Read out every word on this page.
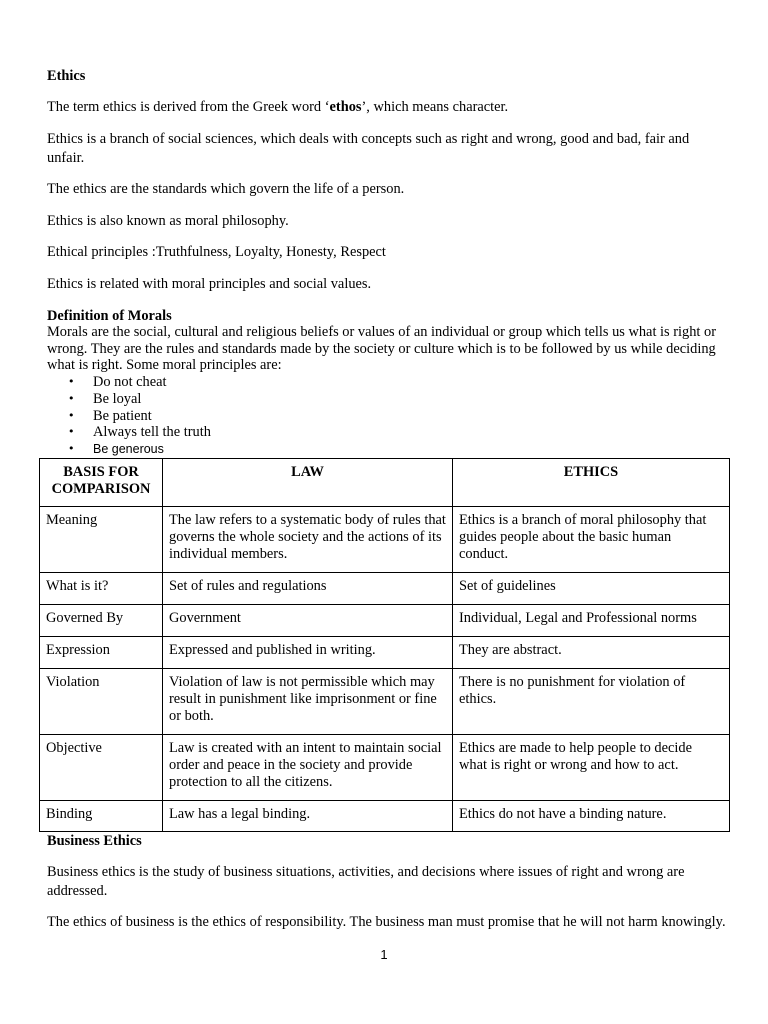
Ethics
The term ethics is derived from the Greek word ‘ethos’, which means character.
Ethics is a branch of social sciences, which deals with concepts such as right and wrong, good and bad, fair and unfair.
The ethics are the standards which govern the life of a person.
Ethics is also known as moral philosophy.
Ethical principles :Truthfulness, Loyalty, Honesty, Respect
Ethics is related with moral principles and social values.
Definition of Morals
Morals are the social, cultural and religious beliefs or values of an individual or group which tells us what is right or wrong. They are the rules and standards made by the society or culture which is to be followed by us while deciding what is right. Some moral principles are:
• Do not cheat
• Be loyal
• Be patient
• Always tell the truth
• Be generous
BASIS FOR COMPARISON	LAW	ETHICS
Meaning	The law refers to a systematic body of rules that governs the whole society and the actions of its individual members.	Ethics is a branch of moral philosophy that guides people about the basic human conduct.
What is it?	Set of rules and regulations	Set of guidelines
Governed By	Government	Individual, Legal and Professional norms
Expression	Expressed and published in writing.	They are abstract.
Violation	Violation of law is not permissible which may result in punishment like imprisonment or fine or both.	There is no punishment for violation of ethics.
Objective	Law is created with an intent to maintain social order and peace in the society and provide protection to all the citizens.	Ethics are made to help people to decide what is right or wrong and how to act.
Binding	Law has a legal binding.	Ethics do not have a binding nature.
Business Ethics
Business ethics is the study of business situations, activities, and decisions where issues of right and wrong are addressed.
The ethics of business is the ethics of responsibility. The business man must promise that he will not harm knowingly.
1
